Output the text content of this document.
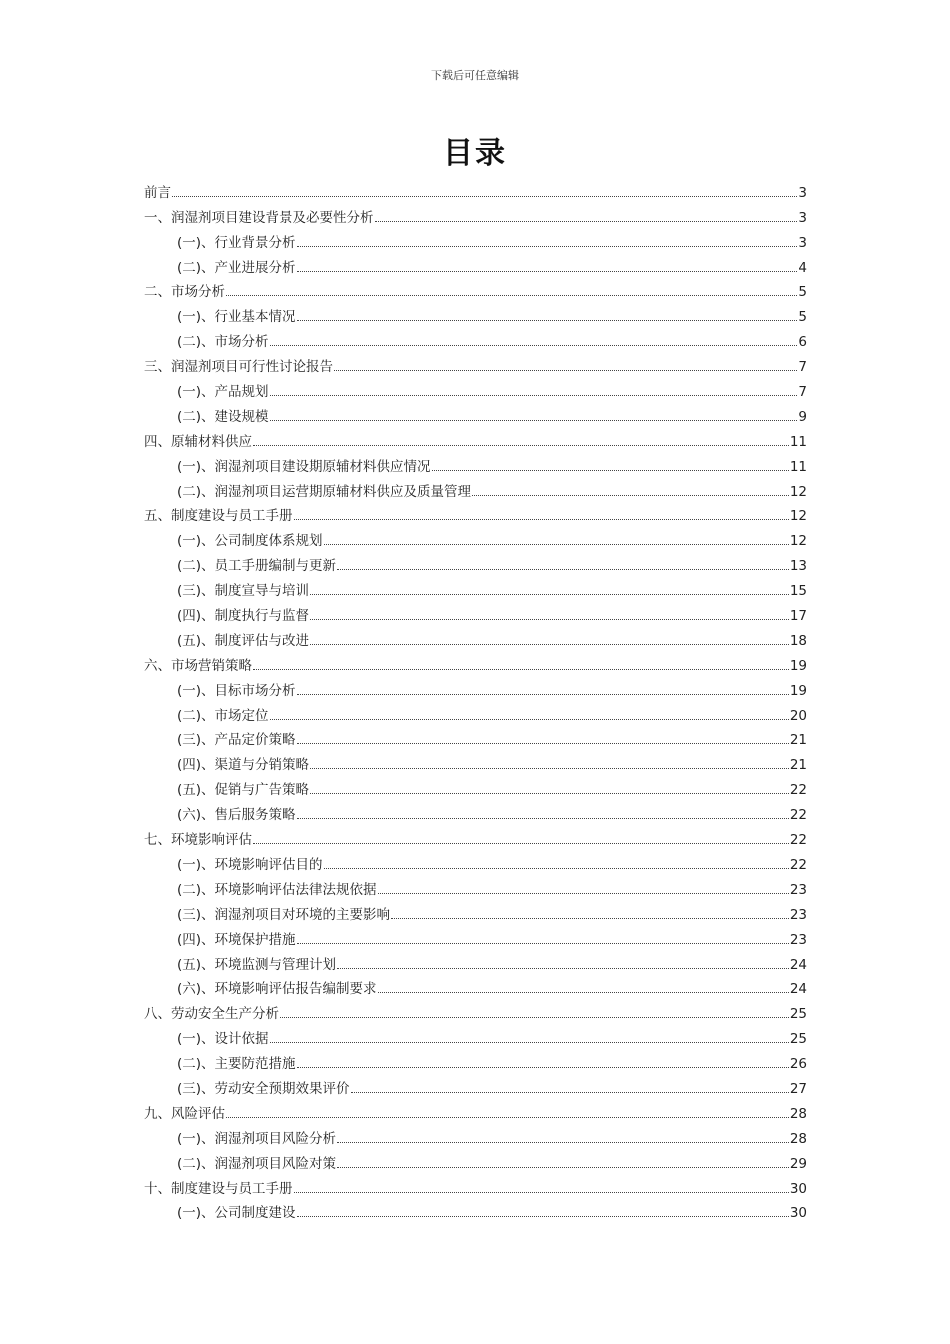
下载后可任意编辑
目录
前言	3
一、润湿剂项目建设背景及必要性分析	3
(一)、行业背景分析	3
(二)、产业进展分析	4
二、市场分析	5
(一)、行业基本情况	5
(二)、市场分析	6
三、润湿剂项目可行性讨论报告	7
(一)、产品规划	7
(二)、建设规模	9
四、原辅材料供应	11
(一)、润湿剂项目建设期原辅材料供应情况	11
(二)、润湿剂项目运营期原辅材料供应及质量管理	12
五、制度建设与员工手册	12
(一)、公司制度体系规划	12
(二)、员工手册编制与更新	13
(三)、制度宣导与培训	15
(四)、制度执行与监督	17
(五)、制度评估与改进	18
六、市场营销策略	19
(一)、目标市场分析	19
(二)、市场定位	20
(三)、产品定价策略	21
(四)、渠道与分销策略	21
(五)、促销与广告策略	22
(六)、售后服务策略	22
七、环境影响评估	22
(一)、环境影响评估目的	22
(二)、环境影响评估法律法规依据	23
(三)、润湿剂项目对环境的主要影响	23
(四)、环境保护措施	23
(五)、环境监测与管理计划	24
(六)、环境影响评估报告编制要求	24
八、劳动安全生产分析	25
(一)、设计依据	25
(二)、主要防范措施	26
(三)、劳动安全预期效果评价	27
九、风险评估	28
(一)、润湿剂项目风险分析	28
(二)、润湿剂项目风险对策	29
十、制度建设与员工手册	30
(一)、公司制度建设	30
